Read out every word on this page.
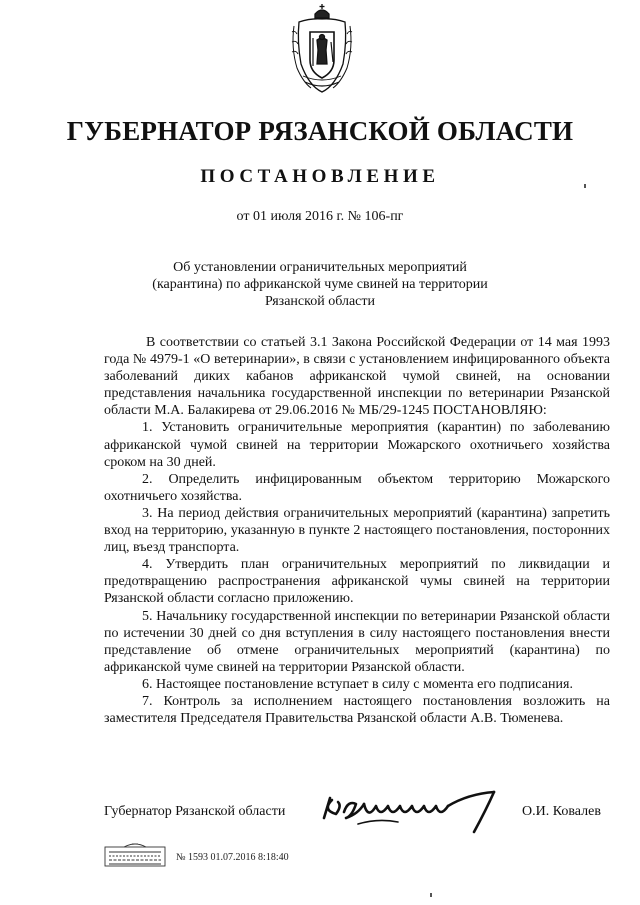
ГУБЕРНАТОР РЯЗАНСКОЙ ОБЛАСТИ
ПОСТАНОВЛЕНИЕ
от 01 июля 2016 г. № 106-пг
Об установлении ограничительных мероприятий
(карантина) по африканской чуме свиней на территории
Рязанской области

В соответствии со статьей 3.1 Закона Российской Федерации от 14 мая 1993 года № 4979-1 «О ветеринарии», в связи с установлением инфицированного объекта заболеваний диких кабанов африканской чумой свиней, на основании представления начальника государственной инспекции по ветеринарии Рязанской области М.А. Балакирева от 29.06.2016 № МБ/29-1245 ПОСТАНОВЛЯЮ:

1. Установить ограничительные мероприятия (карантин) по заболеванию африканской чумой свиней на территории Можарского охотничьего хозяйства сроком на 30 дней.

2. Определить инфицированным объектом территорию Можарского охотничьего хозяйства.

3. На период действия ограничительных мероприятий (карантина) запретить вход на территорию, указанную в пункте 2 настоящего постановления, посторонних лиц, въезд транспорта.

4. Утвердить план ограничительных мероприятий по ликвидации и предотвращению распространения африканской чумы свиней на территории Рязанской области согласно приложению.

5. Начальнику государственной инспекции по ветеринарии Рязанской области по истечении 30 дней со дня вступления в силу настоящего постановления внести представление об отмене ограничительных мероприятий (карантина) по африканской чуме свиней на территории Рязанской области.

6. Настоящее постановление вступает в силу с момента его подписания.

7. Контроль за исполнением настоящего постановления возложить на заместителя Председателя Правительства Рязанской области А.В. Тюменева.

Губернатор Рязанской области	О.И. Ковалев
№ 1593 01.07.2016 8:18:40
